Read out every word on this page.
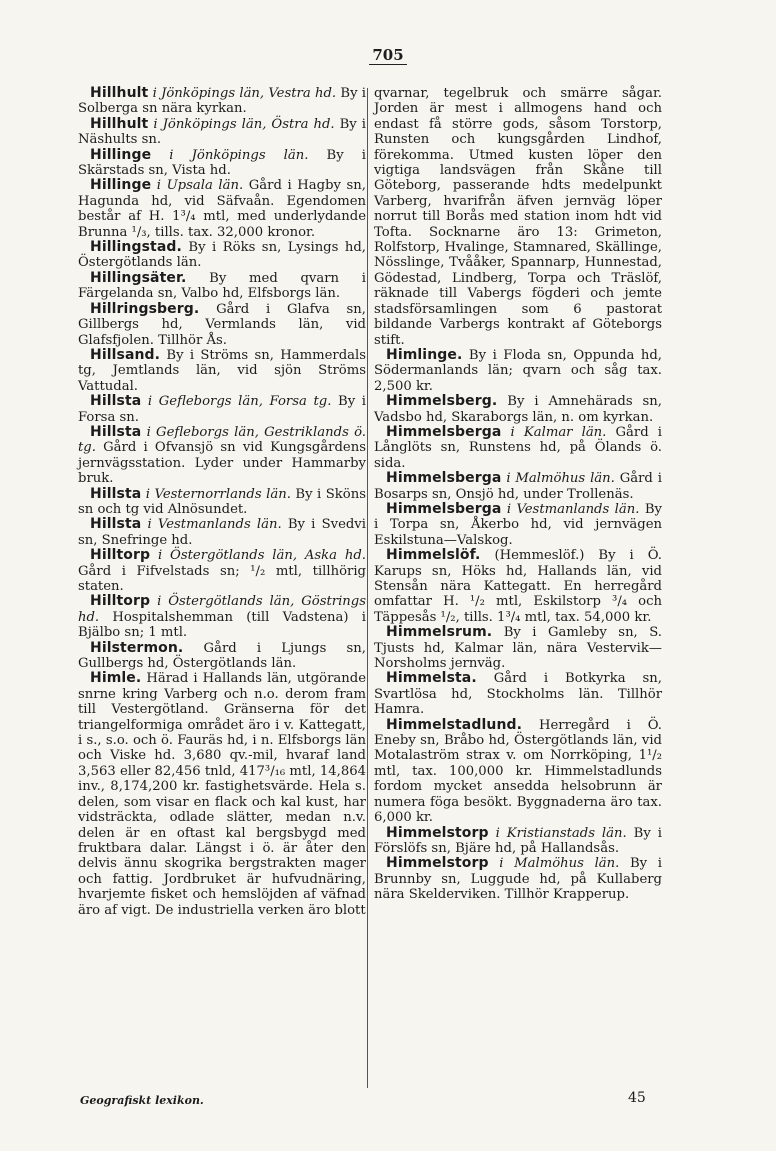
705

Hillhult i Jönköpings län, Vestra hd. By i Solberga sn nära kyrkan.

Hillhult i Jönköpings län, Östra hd. By i Näshults sn.

Hillinge i Jönköpings län. By i Skärstads sn, Vista hd.

Hillinge i Upsala län. Gård i Hagby sn, Hagunda hd, vid Säfvaån. Egendomen består af H. 1³/₄ mtl, med underlydande Brunna ¹/₃, tills. tax. 32,000 kronor.

Hillingstad. By i Röks sn, Lysings hd, Östergötlands län.

Hillingsäter. By med qvarn i Färgelanda sn, Valbo hd, Elfsborgs län.

Hillringsberg. Gård i Glafva sn, Gillbergs hd, Vermlands län, vid Glafsfjolen. Tillhör Ås.

Hillsand. By i Ströms sn, Hammerdals tg, Jemtlands län, vid sjön Ströms Vattudal.

Hillsta i Gefleborgs län, Forsa tg. By i Forsa sn.

Hillsta i Gefleborgs län, Gestriklands ö. tg. Gård i Ofvansjö sn vid Kungsgårdens jernvägsstation. Lyder under Hammarby bruk.

Hillsta i Vesternorrlands län. By i Sköns sn och tg vid Alnösundet.

Hillsta i Vestmanlands län. By i Svedvi sn, Snefringe hd.

Hilltorp i Östergötlands län, Aska hd. Gård i Fifvelstads sn; ¹/₂ mtl, tillhörig staten.

Hilltorp i Östergötlands län, Göstrings hd. Hospitalshemman (till Vadstena) i Bjälbo sn; 1 mtl.

Hilstermon. Gård i Ljungs sn, Gullbergs hd, Östergötlands län.

Himle. Härad i Hallands län, utgörande snrne kring Varberg och n.o. derom fram till Vestergötland. Gränserna för det triangelformiga området äro i v. Kattegatt, i s., s.o. och ö. Fauräs hd, i n. Elfsborgs län och Viske hd. 3,680 qv.-mil, hvaraf land 3,563 eller 82,456 tnld, 417³/₁₆ mtl, 14,864 inv., 8,174,200 kr. fastighetsvärde. Hela s. delen, som visar en flack och kal kust, har vidsträckta, odlade slätter, medan n.v. delen är en oftast kal bergsbygd med fruktbara dalar. Längst i ö. är åter den delvis ännu skogrika bergstrakten mager och fattig. Jordbruket är hufvudnäring, hvarjemte fisket och hemslöjden af väfnad äro af vigt. De industriella verken äro blott

qvarnar, tegelbruk och smärre sågar. Jorden är mest i allmogens hand och endast få större gods, såsom Torstorp, Runsten och kungsgården Lindhof, förekomma. Utmed kusten löper den vigtiga landsvägen från Skåne till Göteborg, passerande hdts medelpunkt Varberg, hvarifrån äfven jernväg löper norrut till Borås med station inom hdt vid Tofta. Socknarne äro 13: Grimeton, Rolfstorp, Hvalinge, Stamnared, Skällinge, Nösslinge, Tvååker, Spannarp, Hunnestad, Gödestad, Lindberg, Torpa och Träslöf, räknade till Vabergs fögderi och jemte stadsförsamlingen som 6 pastorat bildande Varbergs kontrakt af Göteborgs stift.

Himlinge. By i Floda sn, Oppunda hd, Södermanlands län; qvarn och såg tax. 2,500 kr.

Himmelsberg. By i Amnehärads sn, Vadsbo hd, Skaraborgs län, n. om kyrkan.

Himmelsberga i Kalmar län. Gård i Långlöts sn, Runstens hd, på Ölands ö. sida.

Himmelsberga i Malmöhus län. Gård i Bosarps sn, Onsjö hd, under Trollenäs.

Himmelsberga i Vestmanlands län. By i Torpa sn, Åkerbo hd, vid jernvägen Eskilstuna—Valskog.

Himmelslöf. (Hemmeslöf.) By i Ö. Karups sn, Höks hd, Hallands län, vid Stensån nära Kattegatt. En herregård omfattar H. ¹/₂ mtl, Eskilstorp ³/₄ och Täppesås ¹/₂, tills. 1³/₄ mtl, tax. 54,000 kr.

Himmelsrum. By i Gamleby sn, S. Tjusts hd, Kalmar län, nära Vestervik—Norsholms jernväg.

Himmelsta. Gård i Botkyrka sn, Svartlösa hd, Stockholms län. Tillhör Hamra.

Himmelstadlund. Herregård i Ö. Eneby sn, Bråbo hd, Östergötlands län, vid Motalaström strax v. om Norrköping, 1¹/₂ mtl, tax. 100,000 kr. Himmelstadlunds fordom mycket ansedda helsobrunn är numera föga besökt. Byggnaderna äro tax. 6,000 kr.

Himmelstorp i Kristianstads län. By i Förslöfs sn, Bjäre hd, på Hallandsås.

Himmelstorp i Malmöhus län. By i Brunnby sn, Luggude hd, på Kullaberg nära Skelderviken. Tillhör Krapperup.

Geografiskt lexikon.	45
